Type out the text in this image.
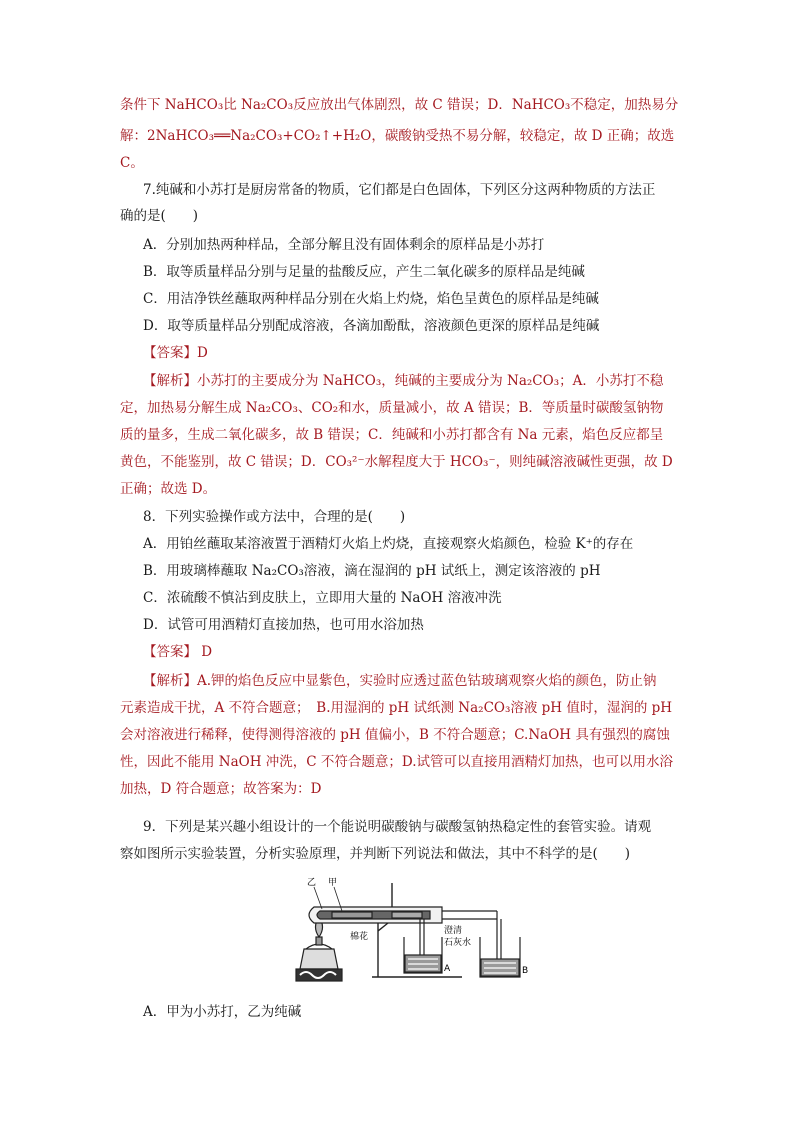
条件下 NaHCO₃比 Na₂CO₃反应放出气体剧烈，故 C 错误；D．NaHCO₃不稳定，加热易分
解：2NaHCO₃══Na₂CO₃+CO₂↑+H₂O，碳酸钠受热不易分解，较稳定，故 D 正确；故选
C。
7.纯碱和小苏打是厨房常备的物质，它们都是白色固体，下列区分这两种物质的方法正
确的是(　　)
A．分别加热两种样品，全部分解且没有固体剩余的原样品是小苏打
B．取等质量样品分别与足量的盐酸反应，产生二氧化碳多的原样品是纯碱
C．用洁净铁丝蘸取两种样品分别在火焰上灼烧，焰色呈黄色的原样品是纯碱
D．取等质量样品分别配成溶液，各滴加酚酞，溶液颜色更深的原样品是纯碱
【答案】D
【解析】小苏打的主要成分为 NaHCO₃，纯碱的主要成分为 Na₂CO₃；A．小苏打不稳
定，加热易分解生成 Na₂CO₃、CO₂和水，质量减小，故 A 错误；B．等质量时碳酸氢钠物
质的量多，生成二氧化碳多，故 B 错误；C．纯碱和小苏打都含有 Na 元素，焰色反应都呈
黄色，不能鉴别，故 C 错误；D．CO₃²⁻水解程度大于 HCO₃⁻，则纯碱溶液碱性更强，故 D
正确；故选 D。
8．下列实验操作或方法中，合理的是(　　)
A．用铂丝蘸取某溶液置于酒精灯火焰上灼烧，直接观察火焰颜色，检验 K⁺的存在
B．用玻璃棒蘸取 Na₂CO₃溶液，滴在湿润的 pH 试纸上，测定该溶液的 pH
C．浓硫酸不慎沾到皮肤上，立即用大量的 NaOH 溶液冲洗
D．试管可用酒精灯直接加热，也可用水浴加热
【答案】 D
【解析】A.钾的焰色反应中显紫色，实验时应透过蓝色钴玻璃观察火焰的颜色，防止钠
元素造成干扰，A 不符合题意；　B.用湿润的 pH 试纸测 Na₂CO₃溶液 pH 值时，湿润的 pH
会对溶液进行稀释，使得测得溶液的 pH 值偏小，B 不符合题意；C.NaOH 具有强烈的腐蚀
性，因此不能用 NaOH 冲洗，C 不符合题意；D.试管可以直接用酒精灯加热，也可以用水浴
加热，D 符合题意；故答案为：D
9．下列是某兴趣小组设计的一个能说明碳酸钠与碳酸氢钠热稳定性的套管实验。请观
察如图所示实验装置，分析实验原理，并判断下列说法和做法，其中不科学的是(　　)
乙 甲
棉花
澄清
石灰水
A	B
A．甲为小苏打，乙为纯碱
